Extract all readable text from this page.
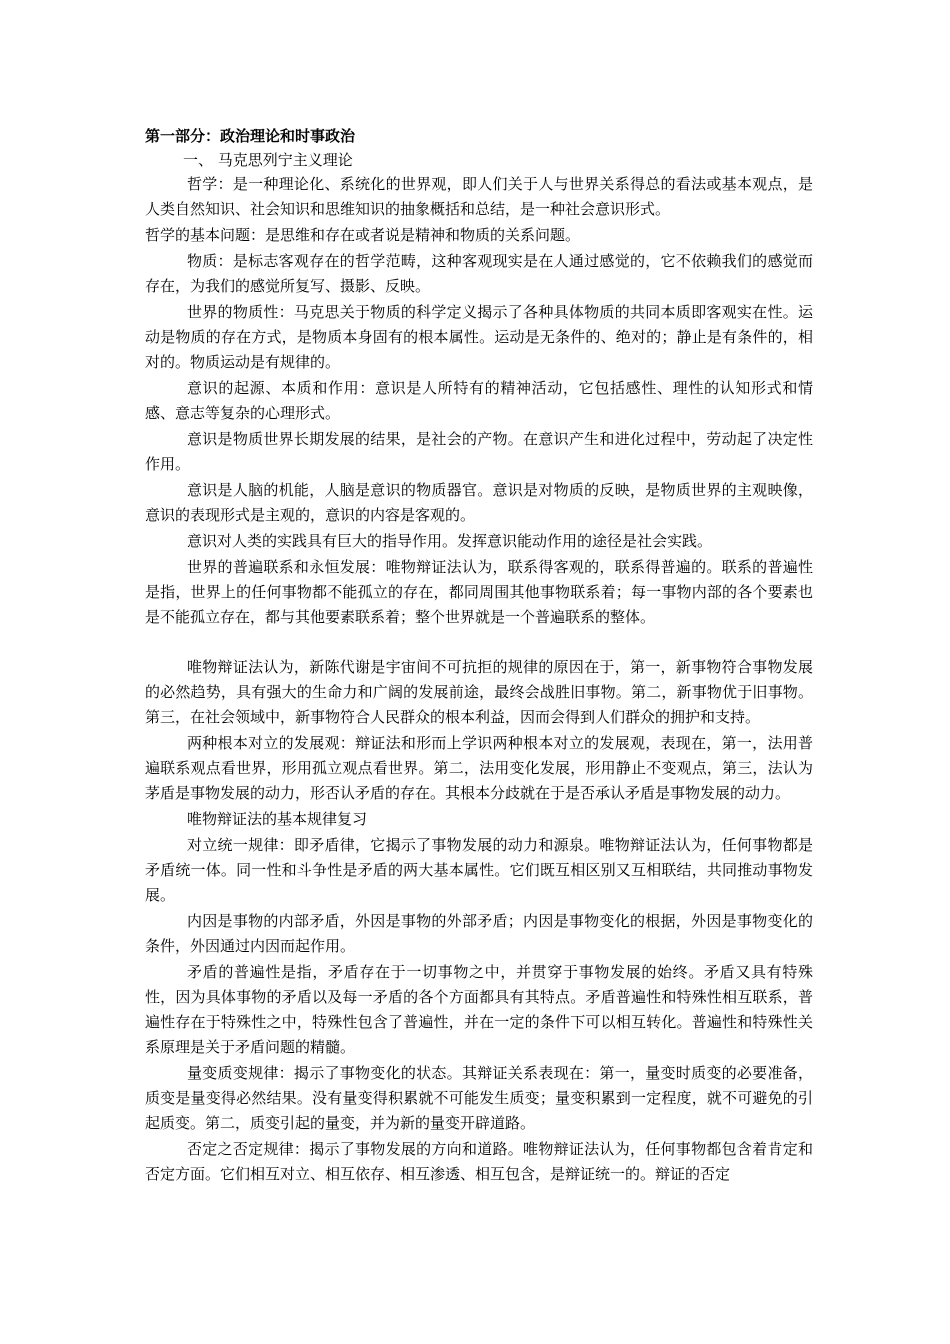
第一部分：政治理论和时事政治

一、 马克思列宁主义理论

哲学：是一种理论化、系统化的世界观，即人们关于人与世界关系得总的看法或基本观点，是人类自然知识、社会知识和思维知识的抽象概括和总结，是一种社会意识形式。

哲学的基本问题：是思维和存在或者说是精神和物质的关系问题。

物质：是标志客观存在的哲学范畴，这种客观现实是在人通过感觉的，它不依赖我们的感觉而存在，为我们的感觉所复写、摄影、反映。

世界的物质性：马克思关于物质的科学定义揭示了各种具体物质的共同本质即客观实在性。运动是物质的存在方式，是物质本身固有的根本属性。运动是无条件的、绝对的；静止是有条件的，相对的。物质运动是有规律的。

意识的起源、本质和作用：意识是人所特有的精神活动，它包括感性、理性的认知形式和情感、意志等复杂的心理形式。

意识是物质世界长期发展的结果，是社会的产物。在意识产生和进化过程中，劳动起了决定性作用。

意识是人脑的机能，人脑是意识的物质器官。意识是对物质的反映，是物质世界的主观映像，意识的表现形式是主观的，意识的内容是客观的。

意识对人类的实践具有巨大的指导作用。发挥意识能动作用的途径是社会实践。

世界的普遍联系和永恒发展：唯物辩证法认为，联系得客观的，联系得普遍的。联系的普遍性是指，世界上的任何事物都不能孤立的存在，都同周围其他事物联系着；每一事物内部的各个要素也是不能孤立存在，都与其他要素联系着；整个世界就是一个普遍联系的整体。

唯物辩证法认为，新陈代谢是宇宙间不可抗拒的规律的原因在于，第一，新事物符合事物发展的必然趋势，具有强大的生命力和广阔的发展前途，最终会战胜旧事物。第二，新事物优于旧事物。第三，在社会领域中，新事物符合人民群众的根本利益，因而会得到人们群众的拥护和支持。

两种根本对立的发展观：辩证法和形而上学识两种根本对立的发展观，表现在，第一，法用普遍联系观点看世界，形用孤立观点看世界。第二，法用变化发展，形用静止不变观点，第三，法认为茅盾是事物发展的动力，形否认矛盾的存在。其根本分歧就在于是否承认矛盾是事物发展的动力。

唯物辩证法的基本规律复习

对立统一规律：即矛盾律，它揭示了事物发展的动力和源泉。唯物辩证法认为，任何事物都是矛盾统一体。同一性和斗争性是矛盾的两大基本属性。它们既互相区别又互相联结，共同推动事物发展。

内因是事物的内部矛盾，外因是事物的外部矛盾；内因是事物变化的根据，外因是事物变化的条件，外因通过内因而起作用。

矛盾的普遍性是指，矛盾存在于一切事物之中，并贯穿于事物发展的始终。矛盾又具有特殊性，因为具体事物的矛盾以及每一矛盾的各个方面都具有其特点。矛盾普遍性和特殊性相互联系，普遍性存在于特殊性之中，特殊性包含了普遍性，并在一定的条件下可以相互转化。普遍性和特殊性关系原理是关于矛盾问题的精髓。

量变质变规律：揭示了事物变化的状态。其辩证关系表现在：第一，量变时质变的必要准备，质变是量变得必然结果。没有量变得积累就不可能发生质变；量变积累到一定程度，就不可避免的引起质变。第二，质变引起的量变，并为新的量变开辟道路。

否定之否定规律：揭示了事物发展的方向和道路。唯物辩证法认为，任何事物都包含着肯定和否定方面。它们相互对立、相互依存、相互渗透、相互包含，是辩证统一的。辩证的否定
